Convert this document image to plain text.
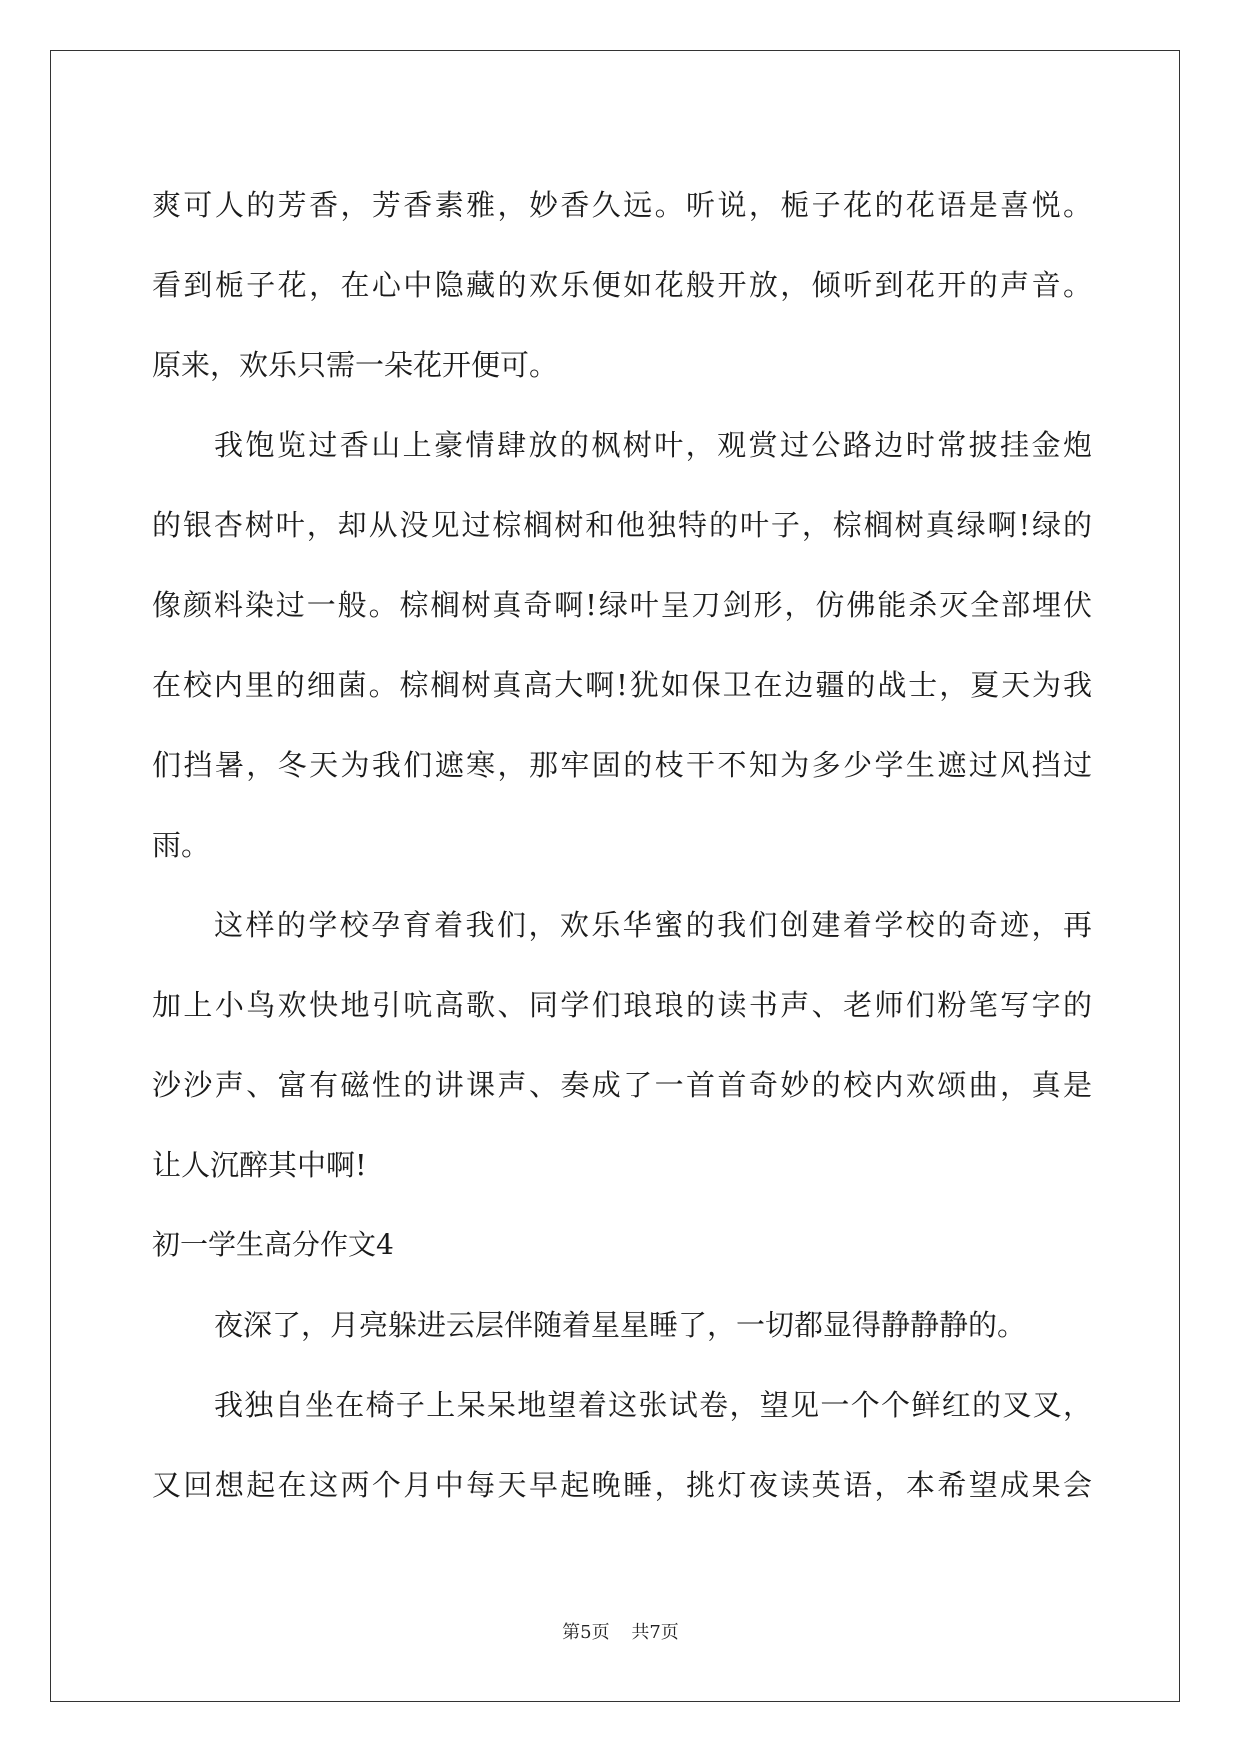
爽可人的芳香，芳香素雅，妙香久远。听说，栀子花的花语是喜悦。
看到栀子花，在心中隐藏的欢乐便如花般开放，倾听到花开的声音。
原来，欢乐只需一朵花开便可。
我饱览过香山上豪情肆放的枫树叶，观赏过公路边时常披挂金炮
的银杏树叶，却从没见过棕榈树和他独特的叶子，棕榈树真绿啊!绿的
像颜料染过一般。棕榈树真奇啊!绿叶呈刀剑形，仿佛能杀灭全部埋伏
在校内里的细菌。棕榈树真高大啊!犹如保卫在边疆的战士，夏天为我
们挡暑，冬天为我们遮寒，那牢固的枝干不知为多少学生遮过风挡过
雨。
这样的学校孕育着我们，欢乐华蜜的我们创建着学校的奇迹，再
加上小鸟欢快地引吭高歌、同学们琅琅的读书声、老师们粉笔写字的
沙沙声、富有磁性的讲课声、奏成了一首首奇妙的校内欢颂曲，真是
让人沉醉其中啊!
初一学生高分作文4
夜深了，月亮躲进云层伴随着星星睡了，一切都显得静静静的。
我独自坐在椅子上呆呆地望着这张试卷，望见一个个鲜红的叉叉，
又回想起在这两个月中每天早起晚睡，挑灯夜读英语，本希望成果会
第5页 共7页
